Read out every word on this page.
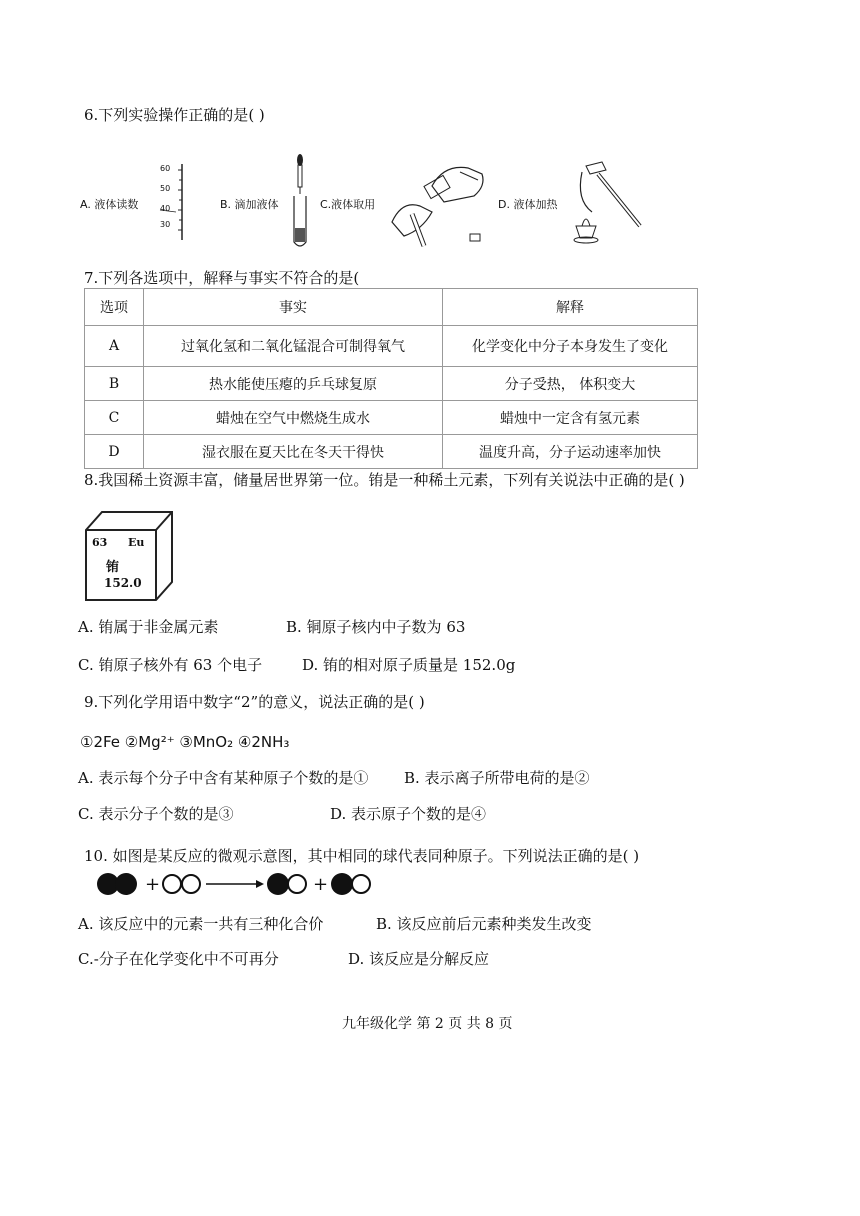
6.下列实验操作正确的是( )
A. 液体读数
60
50
40
30
B. 滴加液体	C.液体取用	D. 液体加热
7.下列各选项中，解释与事实不符合的是(
选项	事实	解释
A	过氧化氢和二氧化锰混合可制得氧气	化学变化中分子本身发生了变化
B	热水能使压瘪的乒乓球复原	分子受热， 体积变大
C	蜡烛在空气中燃烧生成水	蜡烛中一定含有氢元素
D	湿衣服在夏天比在冬天干得快	温度升高，分子运动速率加快
8.我国稀土资源丰富，储量居世界第一位。铕是一种稀土元素，下列有关说法中正确的是( )
63 Eu
铕
152.0
A. 铕属于非金属元素	B. 铜原子核内中子数为 63
C. 铕原子核外有 63 个电子	D. 铕的相对原子质量是 152.0g
9.下列化学用语中数字“2”的意义，说法正确的是( )
①2Fe ②Mg²⁺ ③MnO₂ ④2NH₃
A. 表示每个分子中含有某种原子个数的是① B. 表示离子所带电荷的是②
C. 表示分子个数的是③	D. 表示原子个数的是④
10. 如图是某反应的微观示意图，其中相同的球代表同种原子。下列说法正确的是( )
+	+
A. 该反应中的元素一共有三种化合价	B. 该反应前后元素种类发生改变
C.-分子在化学变化中不可再分	D. 该反应是分解反应
九年级化学 第 2 页 共 8 页
